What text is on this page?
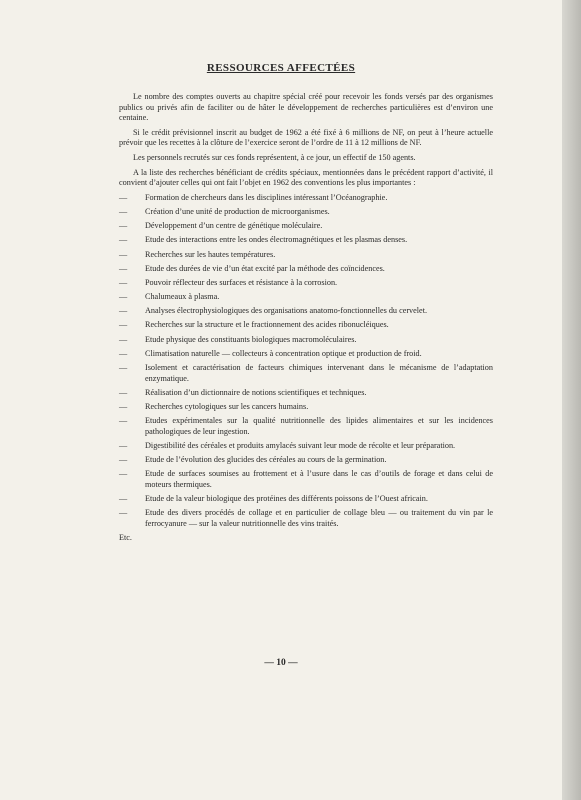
RESSOURCES AFFECTÉES

Le nombre des comptes ouverts au chapitre spécial créé pour recevoir les fonds versés par des organismes publics ou privés afin de faciliter ou de hâter le développement de recherches particulières est d’environ une centaine.

Si le crédit prévisionnel inscrit au budget de 1962 a été fixé à 6 millions de NF, on peut à l’heure actuelle prévoir que les recettes à la clôture de l’exercice seront de l’ordre de 11 à 12 millions de NF.

Les personnels recrutés sur ces fonds représentent, à ce jour, un effectif de 150 agents.

A la liste des recherches bénéficiant de crédits spéciaux, mentionnées dans le précédent rapport d’activité, il convient d’ajouter celles qui ont fait l’objet en 1962 des conventions les plus importantes :

— Formation de chercheurs dans les disciplines intéressant l’Océanographie.
— Création d’une unité de production de microorganismes.
— Développement d’un centre de génétique moléculaire.
— Etude des interactions entre les ondes électromagnétiques et les plasmas denses.
— Recherches sur les hautes températures.
— Etude des durées de vie d’un état excité par la méthode des coïncidences.
— Pouvoir réflecteur des surfaces et résistance à la corrosion.
— Chalumeaux à plasma.
— Analyses électrophysiologiques des organisations anatomo-fonctionnelles du cervelet.
— Recherches sur la structure et le fractionnement des acides ribonucléiques.
— Etude physique des constituants biologiques macromoléculaires.
— Climatisation naturelle — collecteurs à concentration optique et production de froid.
— Isolement et caractérisation de facteurs chimiques intervenant dans le mécanisme de l’adaptation enzymatique.
— Réalisation d’un dictionnaire de notions scientifiques et techniques.
— Recherches cytologiques sur les cancers humains.
— Etudes expérimentales sur la qualité nutritionnelle des lipides alimentaires et sur les incidences pathologiques de leur ingestion.
— Digestibilité des céréales et produits amylacés suivant leur mode de récolte et leur préparation.
— Etude de l’évolution des glucides des céréales au cours de la germination.
— Etude de surfaces soumises au frottement et à l’usure dans le cas d’outils de forage et dans celui de moteurs thermiques.
— Etude de la valeur biologique des protéines des différents poissons de l’Ouest africain.
— Etude des divers procédés de collage et en particulier de collage bleu — ou traitement du vin par le ferrocyanure — sur la valeur nutritionnelle des vins traités.
Etc.
— 10 —
